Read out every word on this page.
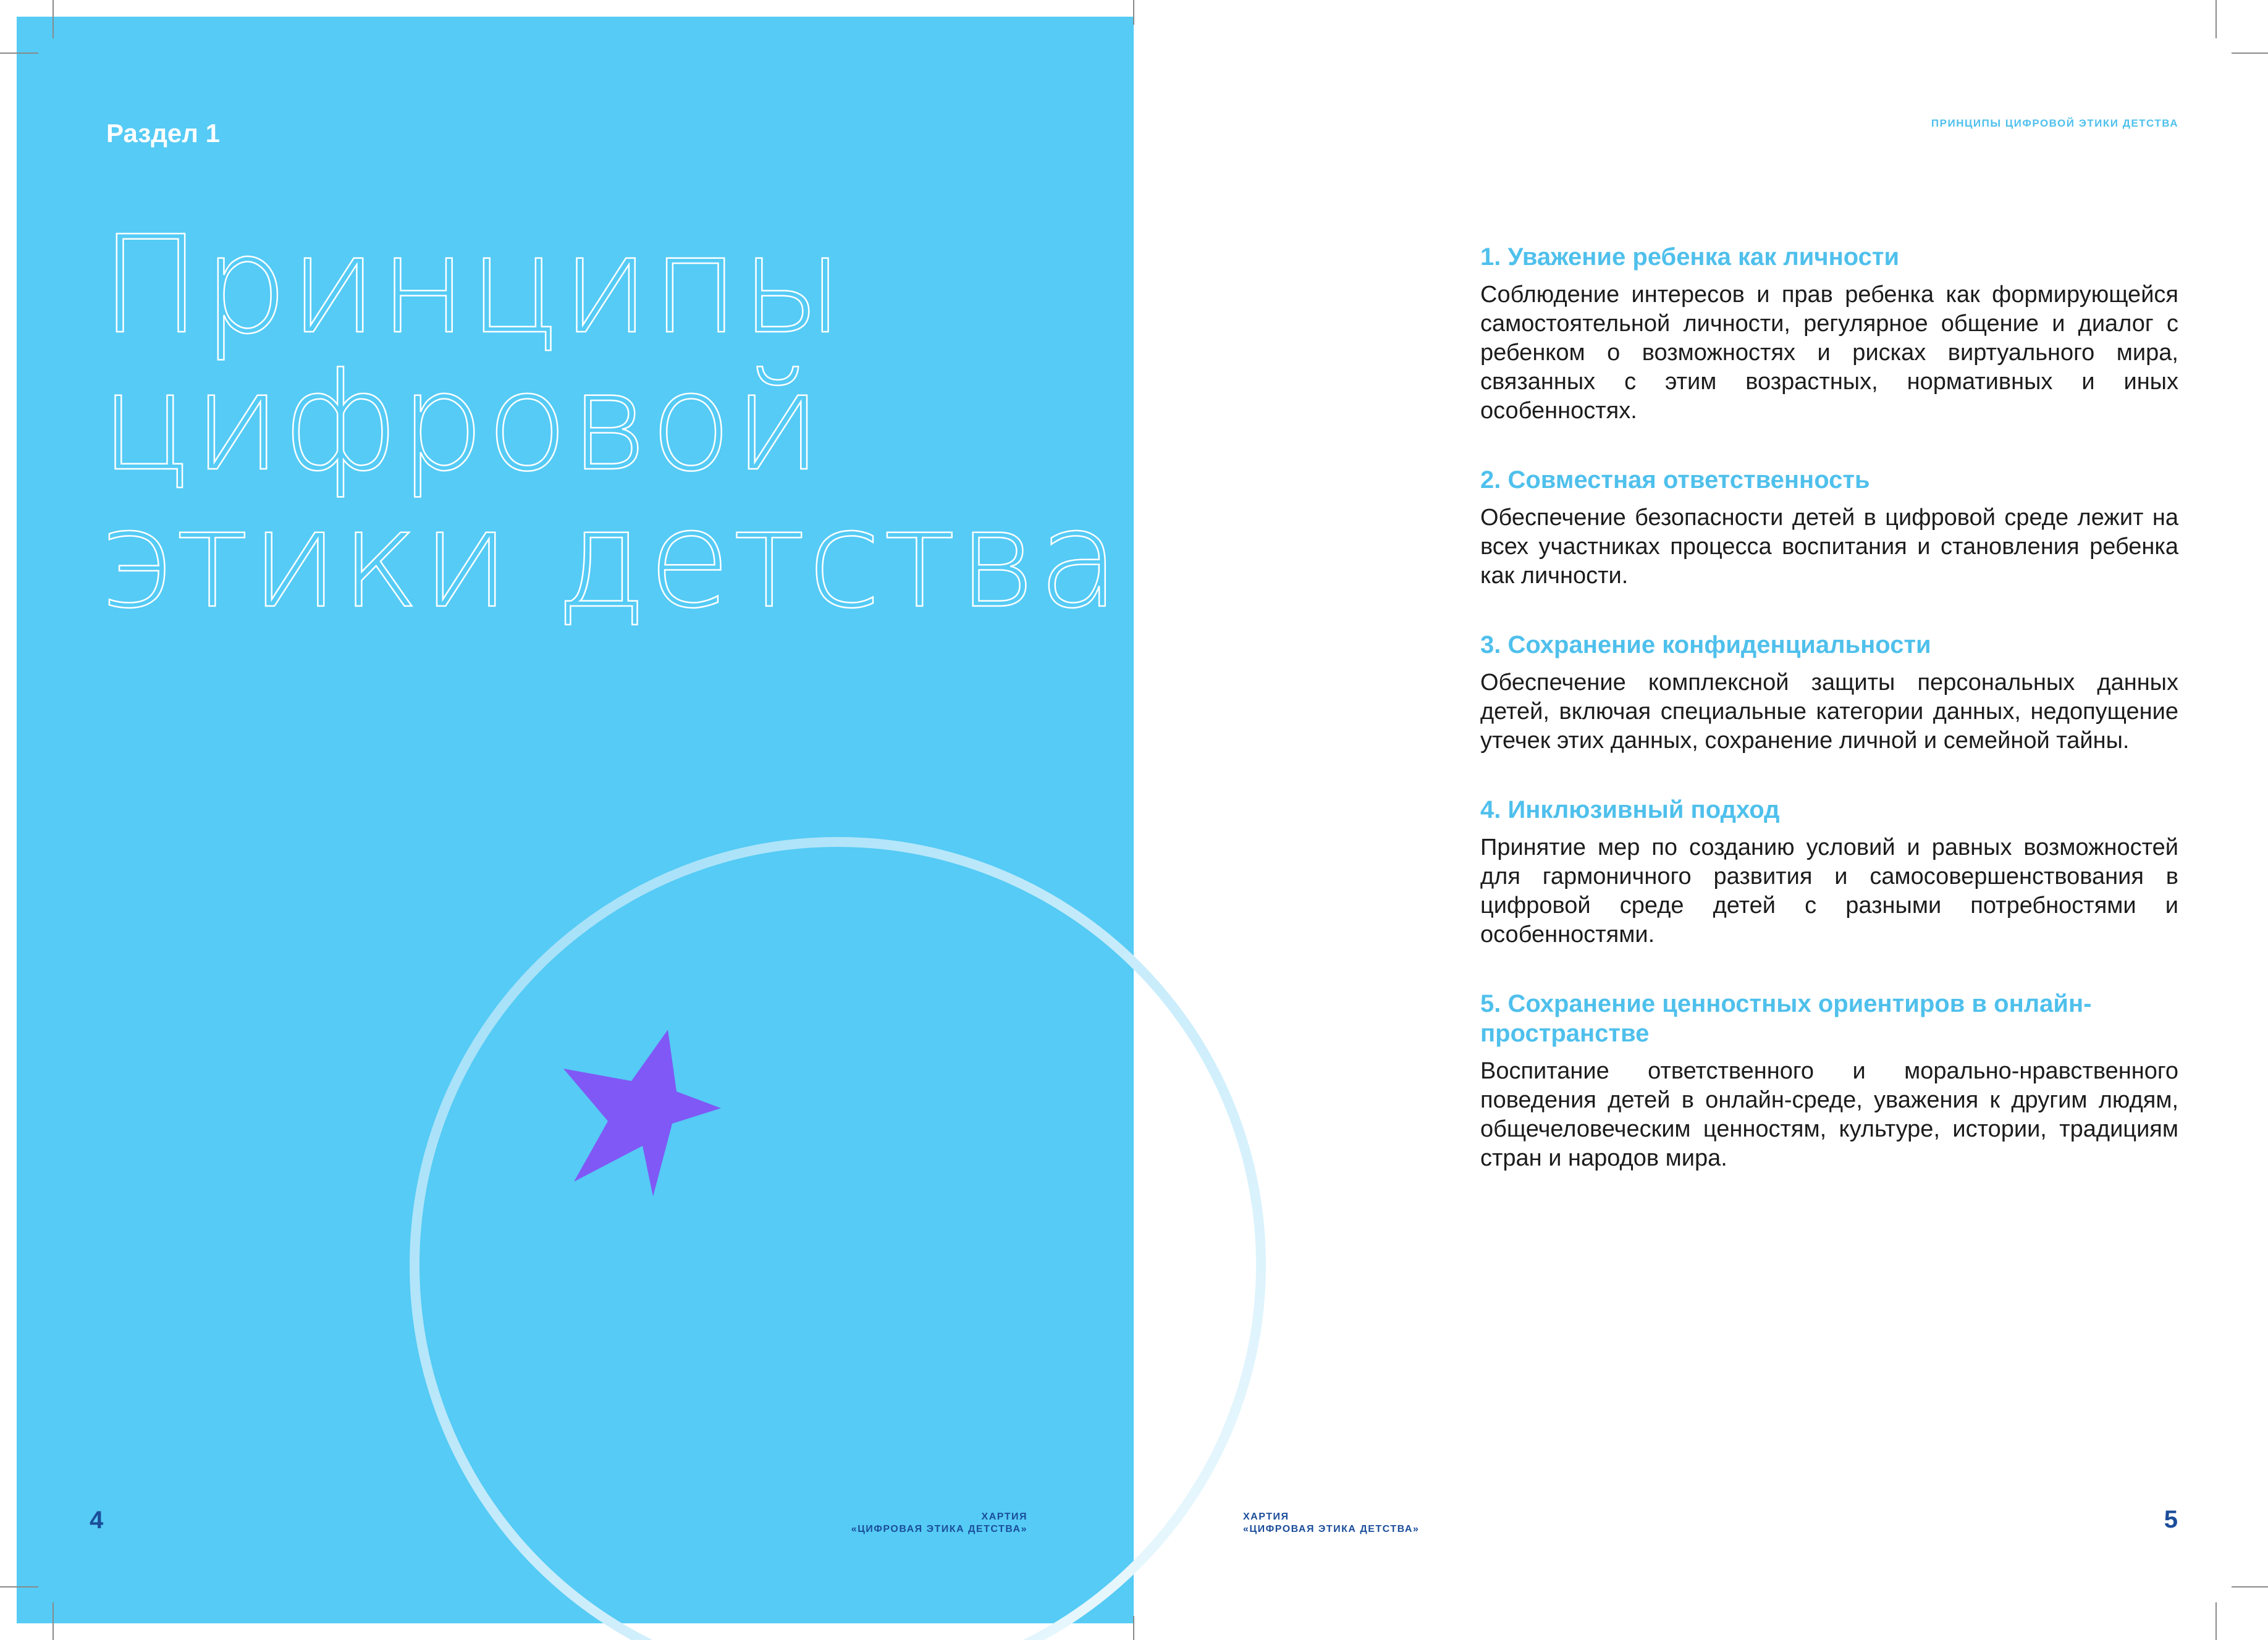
Раздел 1
Принципы
цифровой
этики детства
4	ХАРТИЯ
«ЦИФРОВАЯ ЭТИКА ДЕТСТВА»
ПРИНЦИПЫ ЦИФРОВОЙ ЭТИКИ ДЕТСТВА
1. Уважение ребенка как личности
Соблюдение интересов и прав ребенка как формирующейся самостоятельной личности, регулярное общение и диалог с ребенком о возможностях и рисках виртуального мира, связанных с этим возрастных, нормативных и иных особенностях.
2. Совместная ответственность
Обеспечение безопасности детей в цифровой среде лежит на всех участниках процесса воспитания и становления ребенка как личности.
3. Сохранение конфиденциальности
Обеспечение комплексной защиты персональных данных детей, включая специальные категории данных, недопущение утечек этих данных, сохранение личной и семейной тайны.
4. Инклюзивный подход
Принятие мер по созданию условий и равных возможностей для гармоничного развития и самосовершенствования в цифровой среде детей с разными потребностями и особенностями.
5. Сохранение ценностных ориентиров в онлайн-пространстве
Воспитание ответственного и морально-нравственного поведения детей в онлайн-среде, уважения к другим людям, общечеловеческим ценностям, культуре, истории, традициям стран и народов мира.
ХАРТИЯ
«ЦИФРОВАЯ ЭТИКА ДЕТСТВА»	5
